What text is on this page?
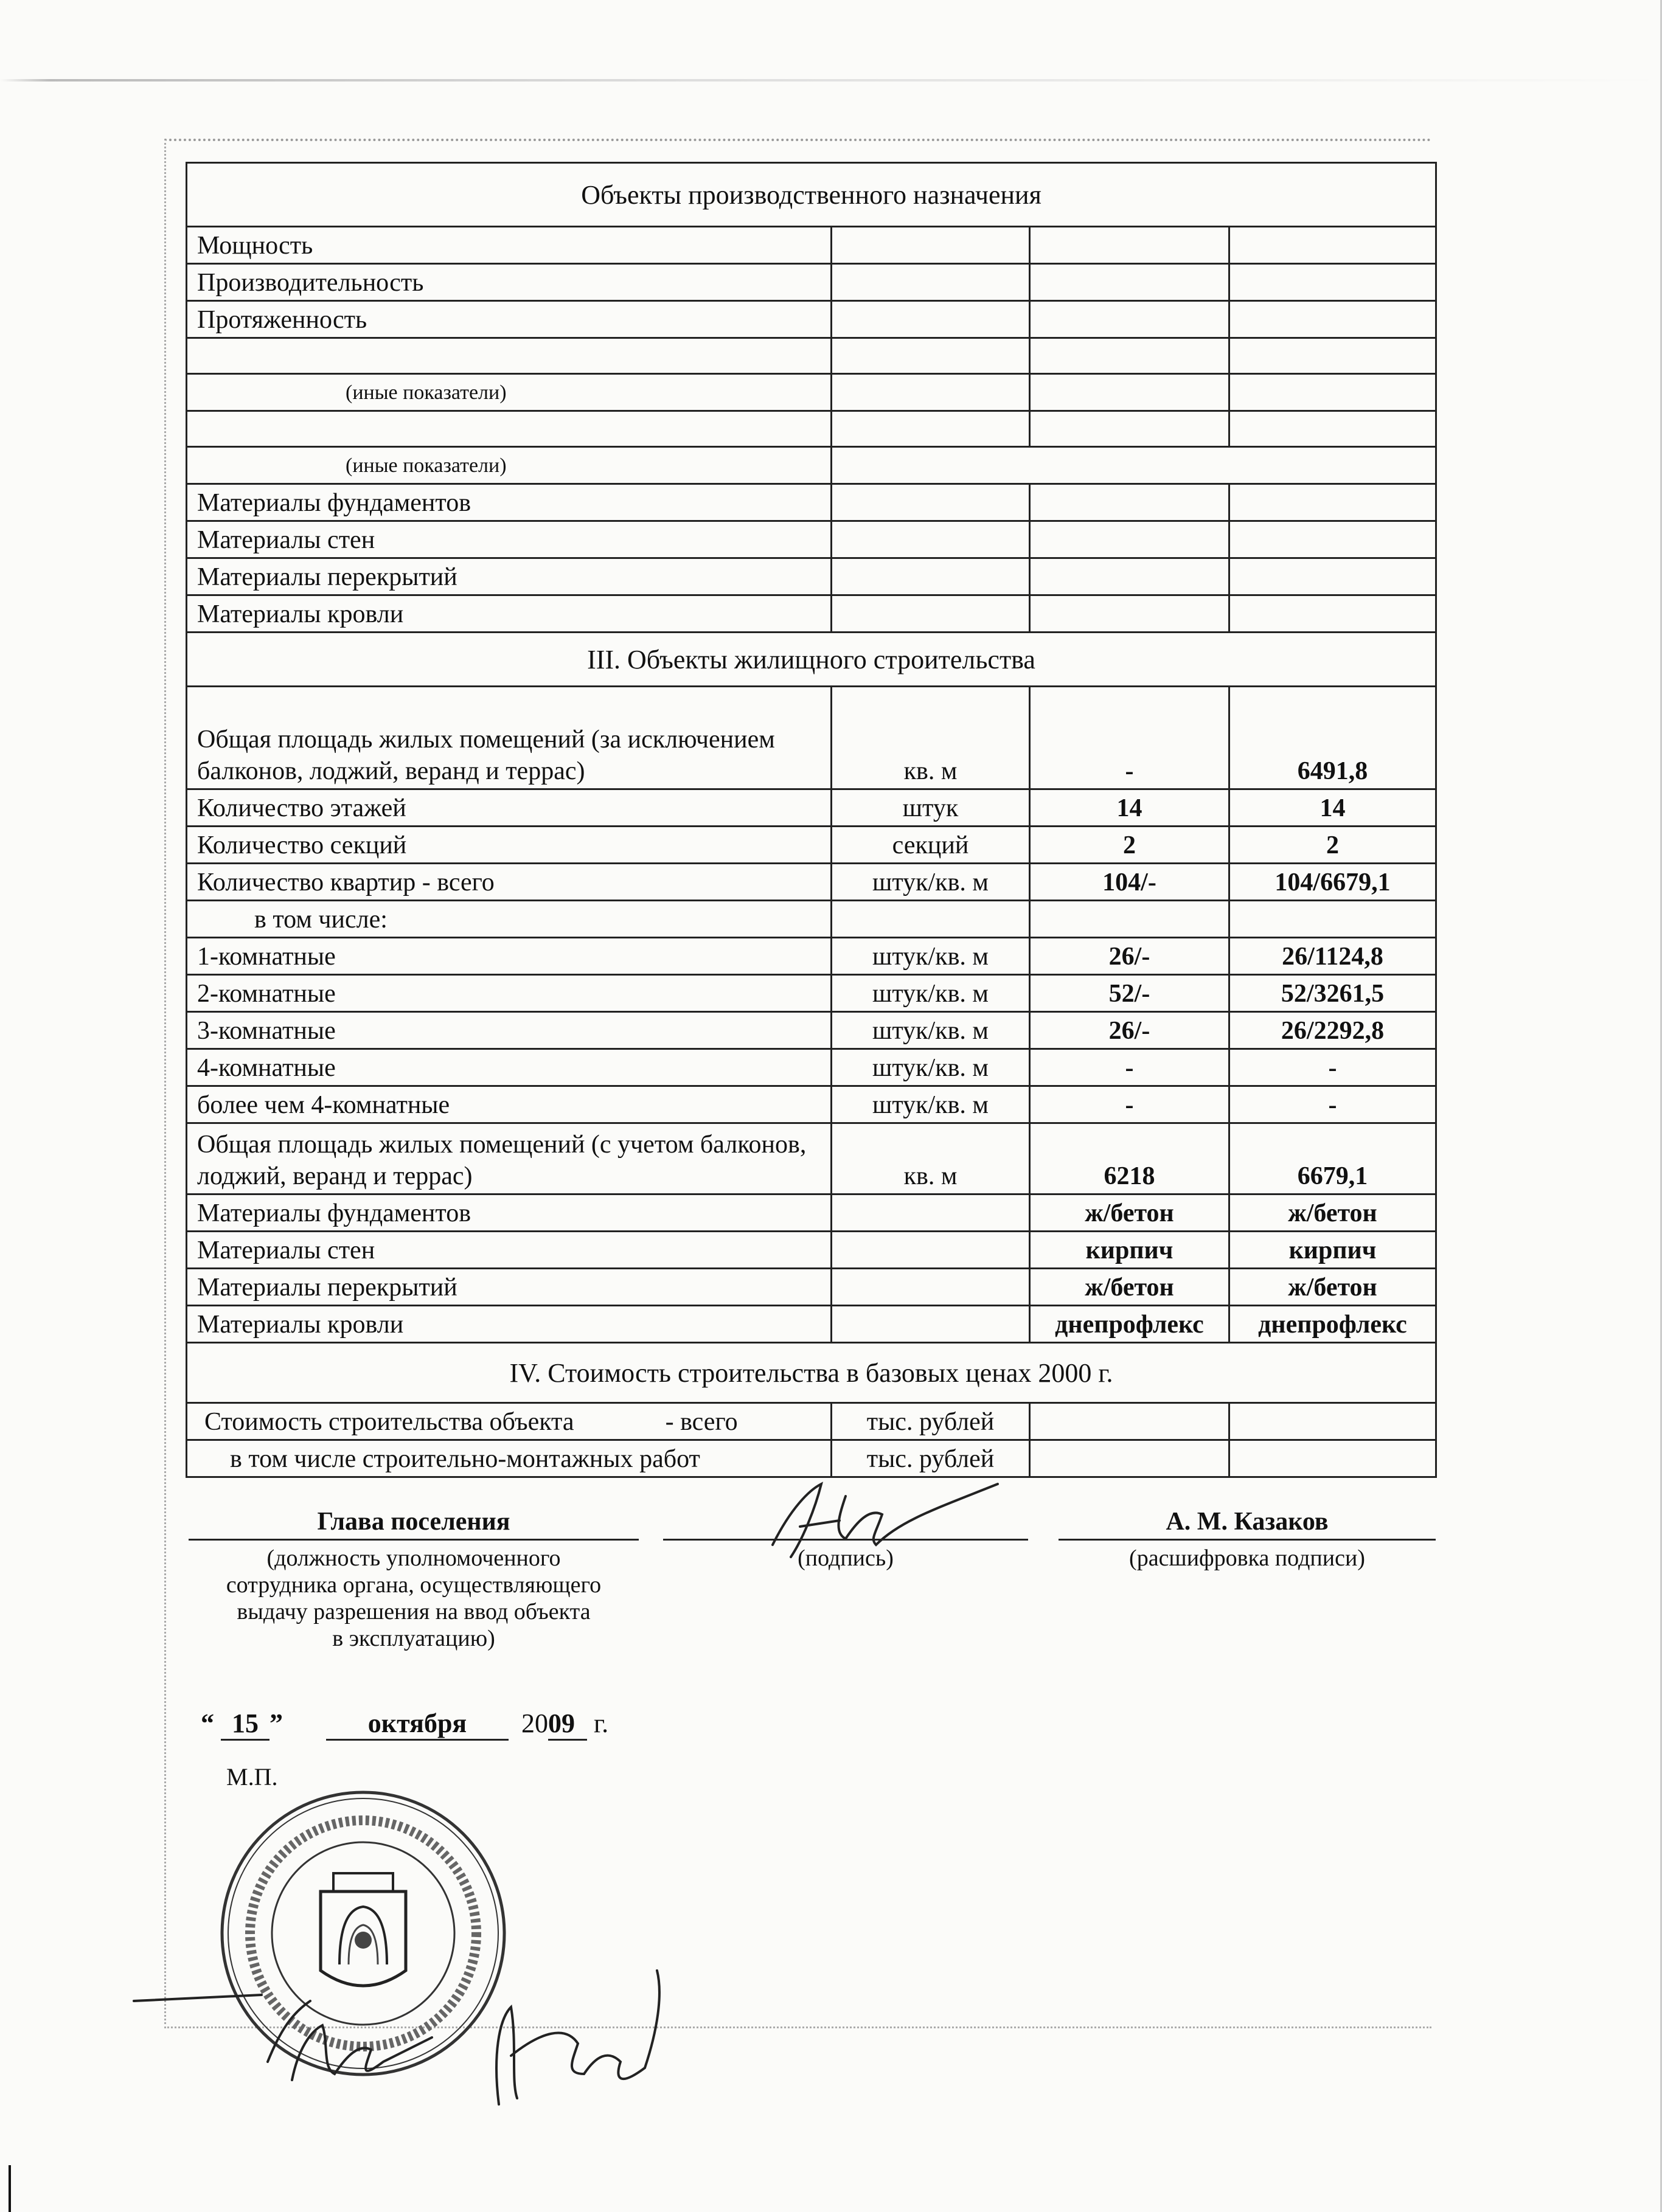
Объекты производственного назначения			
Мощность			
Производительность			
Протяженность			

(иные показатели)			

(иные показатели)			
Материалы фундаментов			
Материалы стен			
Материалы перекрытий			
Материалы кровли			
III. Объекты жилищного строительства			
Общая площадь жилых помещений (за исключением балконов, лоджий, веранд и террас)	кв. м	-	6491,8
Количество этажей	штук	14	14
Количество секций	секций	2	2
Количество квартир - всего	штук/кв. м	104/-	104/6679,1
в том числе:			
1-комнатные	штук/кв. м	26/-	26/1124,8
2-комнатные	штук/кв. м	52/-	52/3261,5
3-комнатные	штук/кв. м	26/-	26/2292,8
4-комнатные	штук/кв. м	-	-
более чем 4-комнатные	штук/кв. м	-	-
Общая площадь жилых помещений (с учетом балконов, лоджий, веранд и террас)	кв. м	6218	6679,1
Материалы фундаментов		ж/бетон	ж/бетон
Материалы стен		кирпич	кирпич
Материалы перекрытий		ж/бетон	ж/бетон
Материалы кровли		днепрофлекс	днепрофлекс
IV. Стоимость строительства в базовых ценах 2000 г.			
Стоимость строительства объекта - всего	тыс. рублей		
в том числе строительно-монтажных работ	тыс. рублей		
Глава поселения
(должность уполномоченного
сотрудника органа, осуществляющего
выдачу разрешения на ввод объекта
в эксплуатацию)
(подпись)
А. М. Казаков
(расшифровка подписи)
“ 15 ”	октября 2009 г.
М.П.
